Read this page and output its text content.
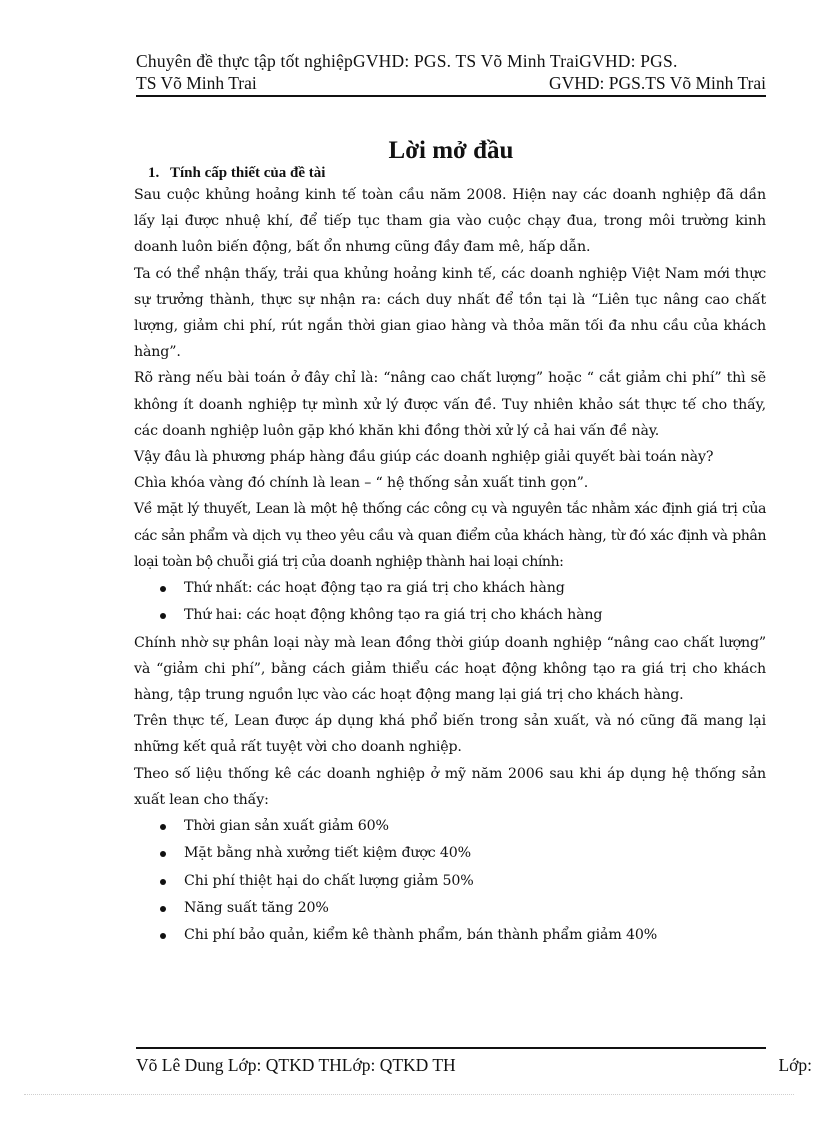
Chuyên đề thực tập tốt nghiệpGVHD: PGS. TS Võ Minh TraiGVHD: PGS.
TS Võ Minh Trai	GVHD: PGS.TS Võ Minh Trai
Lời mở đầu

1. Tính cấp thiết của đề tài

Sau cuộc khủng hoảng kinh tế toàn cầu năm 2008. Hiện nay các doanh nghiệp đã dần lấy lại được nhuệ khí, để tiếp tục tham gia vào cuộc chạy đua, trong môi trường kinh doanh luôn biến động, bất ổn nhưng cũng đầy đam mê, hấp dẫn.

Ta có thể nhận thấy, trải qua khủng hoảng kinh tế, các doanh nghiệp Việt Nam mới thực sự trưởng thành, thực sự nhận ra: cách duy nhất để tồn tại là “Liên tục nâng cao chất lượng, giảm chi phí, rút ngắn thời gian giao hàng và thỏa mãn tối đa nhu cầu của khách hàng”.

Rõ ràng nếu bài toán ở đây chỉ là: “nâng cao chất lượng” hoặc “ cắt giảm chi phí” thì sẽ không ít doanh nghiệp tự mình xử lý được vấn đề. Tuy nhiên khảo sát thực tế cho thấy, các doanh nghiệp luôn gặp khó khăn khi đồng thời xử lý cả hai vấn đề này.

Vậy đâu là phương pháp hàng đầu giúp các doanh nghiệp giải quyết bài toán này?

Chìa khóa vàng đó chính là lean – “ hệ thống sản xuất tinh gọn”.

Về mặt lý thuyết, Lean là một hệ thống các công cụ và nguyên tắc nhằm xác định giá trị của các sản phẩm và dịch vụ theo yêu cầu và quan điểm của khách hàng, từ đó xác định và phân loại toàn bộ chuỗi giá trị của doanh nghiệp thành hai loại chính:

Thứ nhất: các hoạt động tạo ra giá trị cho khách hàng
Thứ hai: các hoạt động không tạo ra giá trị cho khách hàng

Chính nhờ sự phân loại này mà lean đồng thời giúp doanh nghiệp “nâng cao chất lượng” và “giảm chi phí”, bằng cách giảm thiểu các hoạt động không tạo ra giá trị cho khách hàng, tập trung nguồn lực vào các hoạt động mang lại giá trị cho khách hàng.

Trên thực tế, Lean được áp dụng khá phổ biến trong sản xuất, và nó cũng đã mang lại những kết quả rất tuyệt vời cho doanh nghiệp.

Theo số liệu thống kê các doanh nghiệp ở mỹ năm 2006 sau khi áp dụng hệ thống sản xuất lean cho thấy:

Thời gian sản xuất giảm 60%
Mặt bằng nhà xưởng tiết kiệm được 40%
Chi phí thiệt hại do chất lượng giảm 50%
Năng suất tăng 20%
Chi phí bảo quản, kiểm kê thành phẩm, bán thành phẩm giảm 40%
Võ Lê Dung Lớp: QTKD THLớp: QTKD TH	Lớp:
